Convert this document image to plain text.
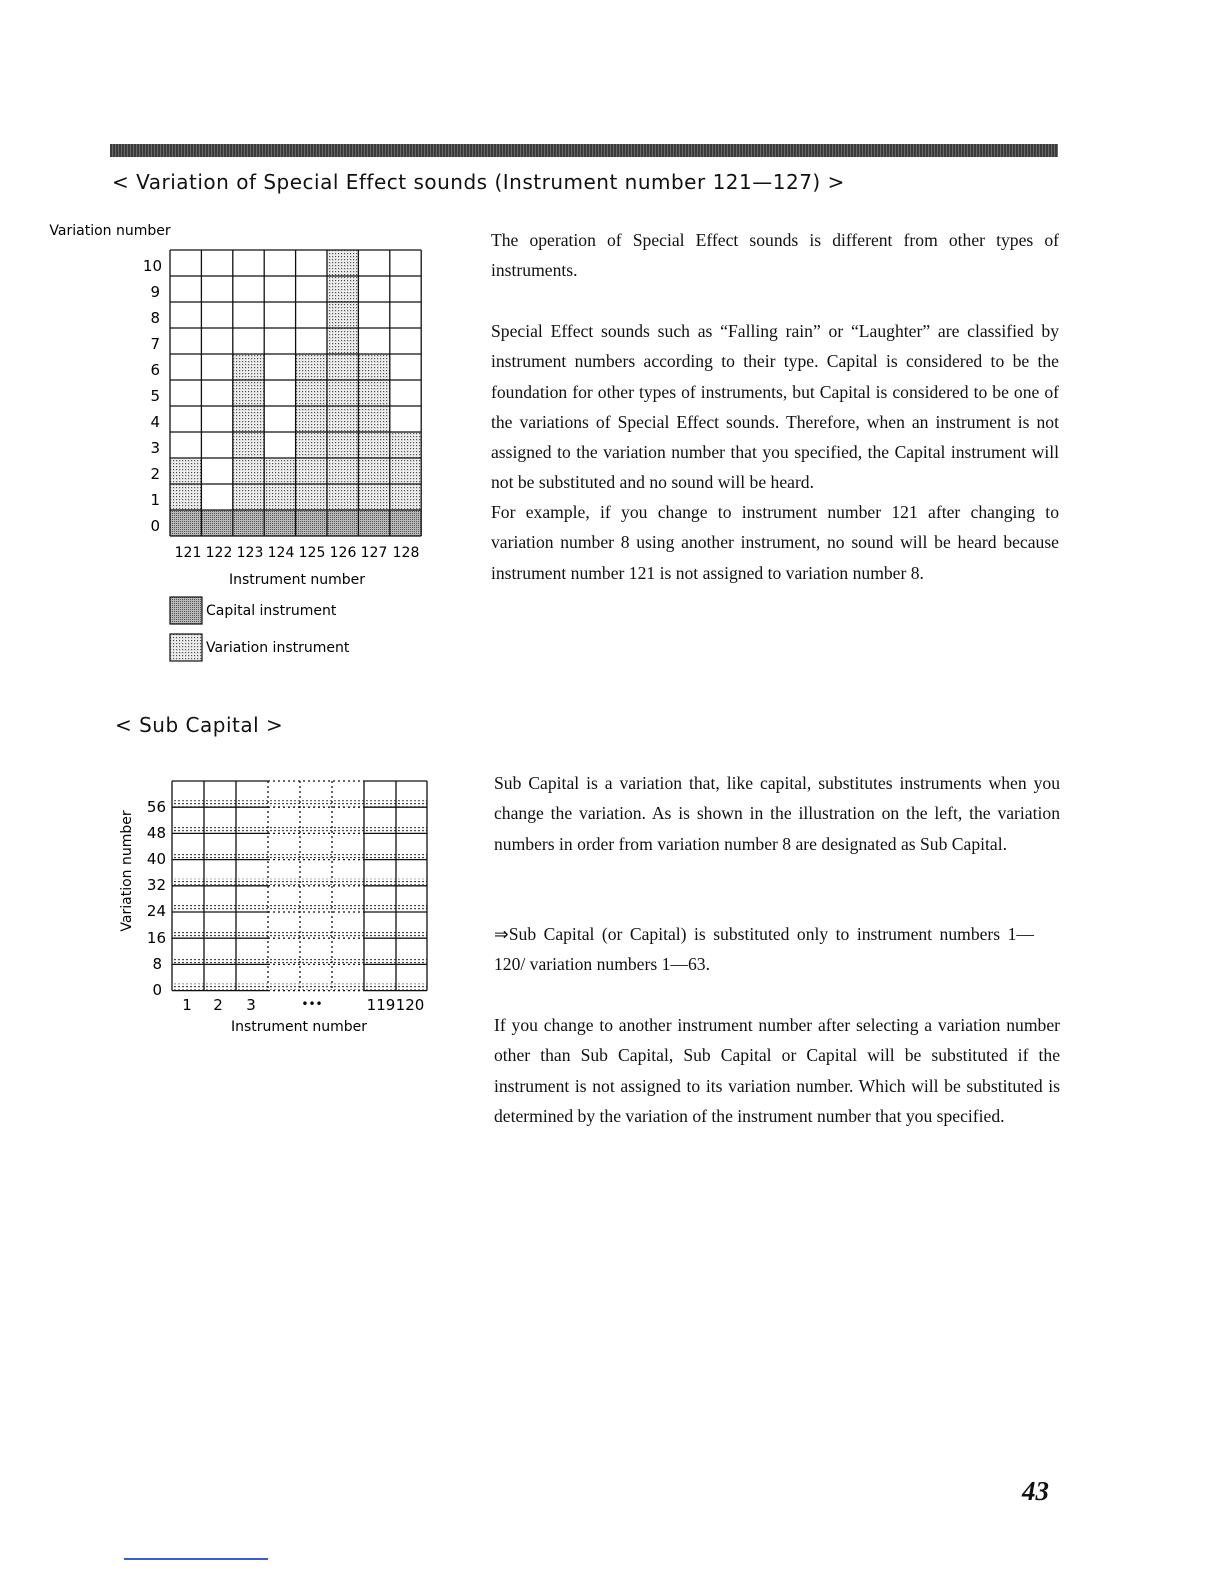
< Variation of Special Effect sounds (Instrument number 121—127) >
10
9
8
7
6
5
4
3
2
1
0
Variation number
121 122 123 124 125 126 127 128
Instrument number
Capital instrument
Variation instrument

The operation of Special Effect sounds is different from other types of instruments.

Special Effect sounds such as “Falling rain” or “Laughter” are classified by instrument numbers according to their type. Capital is considered to be the foundation for other types of instruments, but Capital is considered to be one of the variations of Special Effect sounds. Therefore, when an instrument is not assigned to the variation number that you specified, the Capital instrument will not be substituted and no sound will be heard.

For example, if you change to instrument number 121 after changing to variation number 8 using another instrument, no sound will be heard because instrument number 121 is not assigned to variation number 8.

< Sub Capital >
56
48
40
32
24
16
8
0
Variation number
1 2 3	•••	119 120
Instrument number

Sub Capital is a variation that, like capital, substitutes instruments when you change the variation. As is shown in the illustration on the left, the variation numbers in order from variation number 8 are designated as Sub Capital.

⇒Sub Capital (or Capital) is substituted only to instrument numbers 1—120/ variation numbers 1—63.

If you change to another instrument number after selecting a variation number other than Sub Capital, Sub Capital or Capital will be substituted if the instrument is not assigned to its variation number. Which will be substituted is determined by the variation of the instrument number that you specified.

43
